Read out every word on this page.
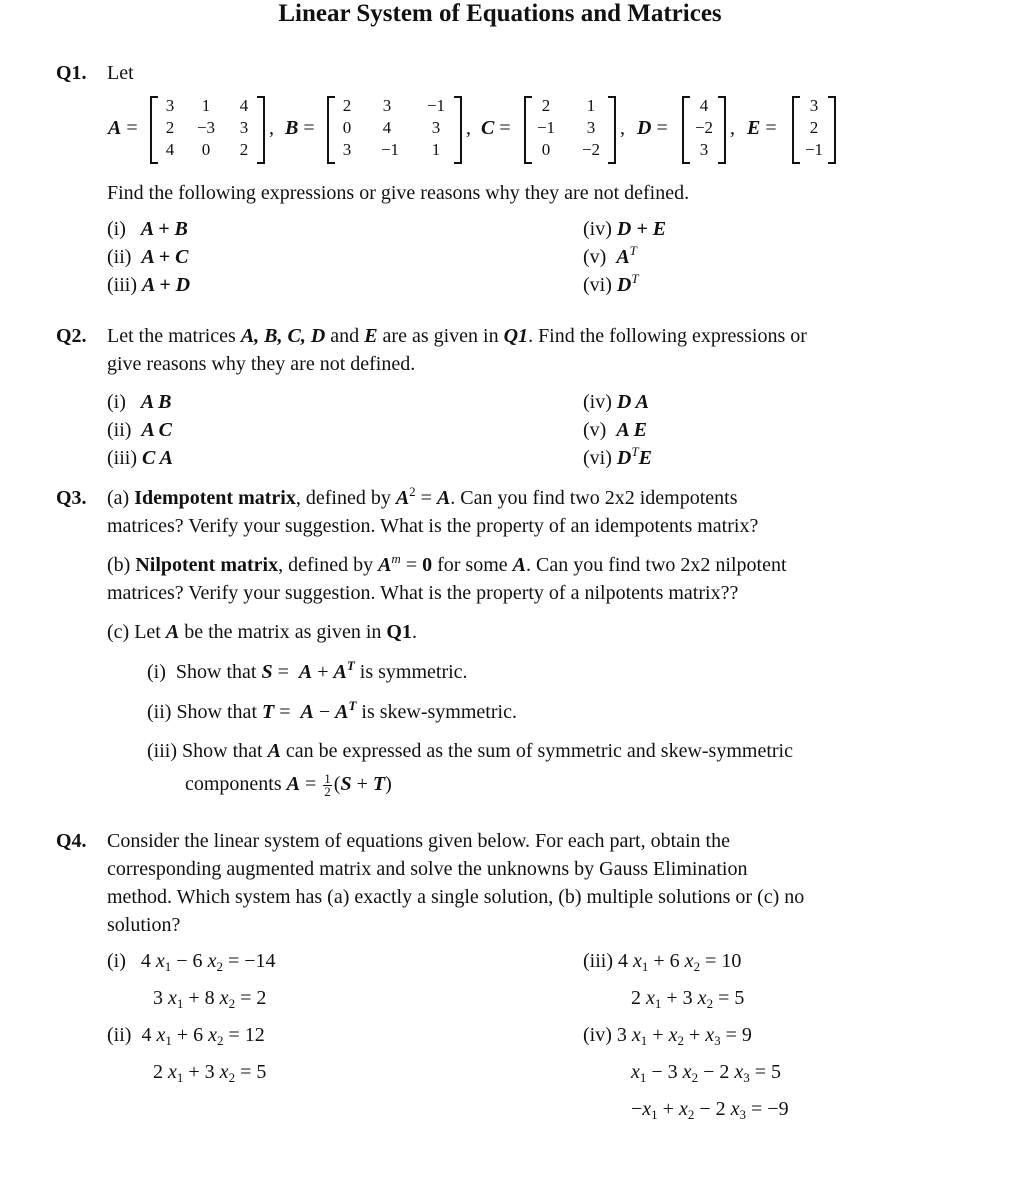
Linear System of Equations and Matrices
Q1. Let
A =
3	1	4
2	−3	3
4	0	2
, B =
2	3	−1
0	4	3
3	−1	1
, C =
2	1
−1	3
0	−2
, D =
4
−2
3
, E =
3
2
−1
Find the following expressions or give reasons why they are not defined.
(i) A + B
(ii) A + C
(iii) A + D
(iv) D + E
(v) $A^T$
(vi) $D^T$
Q2. Let the matrices A, B, C, D and E are as given in Q1. Find the following expressions or
give reasons why they are not defined.
(i) A B
(ii) A C
(iii) C A
(iv) D A
(v) A E
(vi) $D^TE$
Q3. (a) Idempotent matrix, defined by $A^2 = A$. Can you find two 2x2 idempotents
matrices? Verify your suggestion. What is the property of an idempotents matrix?
(b) Nilpotent matrix, defined by $A^m = 0$ for some A. Can you find two 2x2 nilpotent
matrices? Verify your suggestion. What is the property of a nilpotents matrix??
(c) Let A be the matrix as given in Q1.
(i) Show that $S = A + A^T$ is symmetric.
(ii) Show that $T = A - A^T$ is skew-symmetric.
(iii) Show that A can be expressed as the sum of symmetric and skew-symmetric
components $A = \frac{1}{2} (S + T)$
Q4. Consider the linear system of equations given below. For each part, obtain the
corresponding augmented matrix and solve the unknowns by Gauss Elimination
method. Which system has (a) exactly a single solution, (b) multiple solutions or (c) no
solution?
(i)   4 $x_1 - 6$ $x_2 = -14$
3 $x_1 + 8$ $x_2 = 2$
(ii)  4 $x_1 + 6$ $x_2 = 12$
2 $x_1 + 3$ $x_2 = 5$
(iii) 4 $x_1 + 6$ $x_2 = 10$
2 $x_1 + 3$ $x_2 = 5$
(iv) 3 $x_1 + x_2 + x_3 = 9$
$x_1 - 3$ $x_2 - 2$ $x_3 = 5$
$-x_1 + x_2 - 2$ $x_3 = -9$
